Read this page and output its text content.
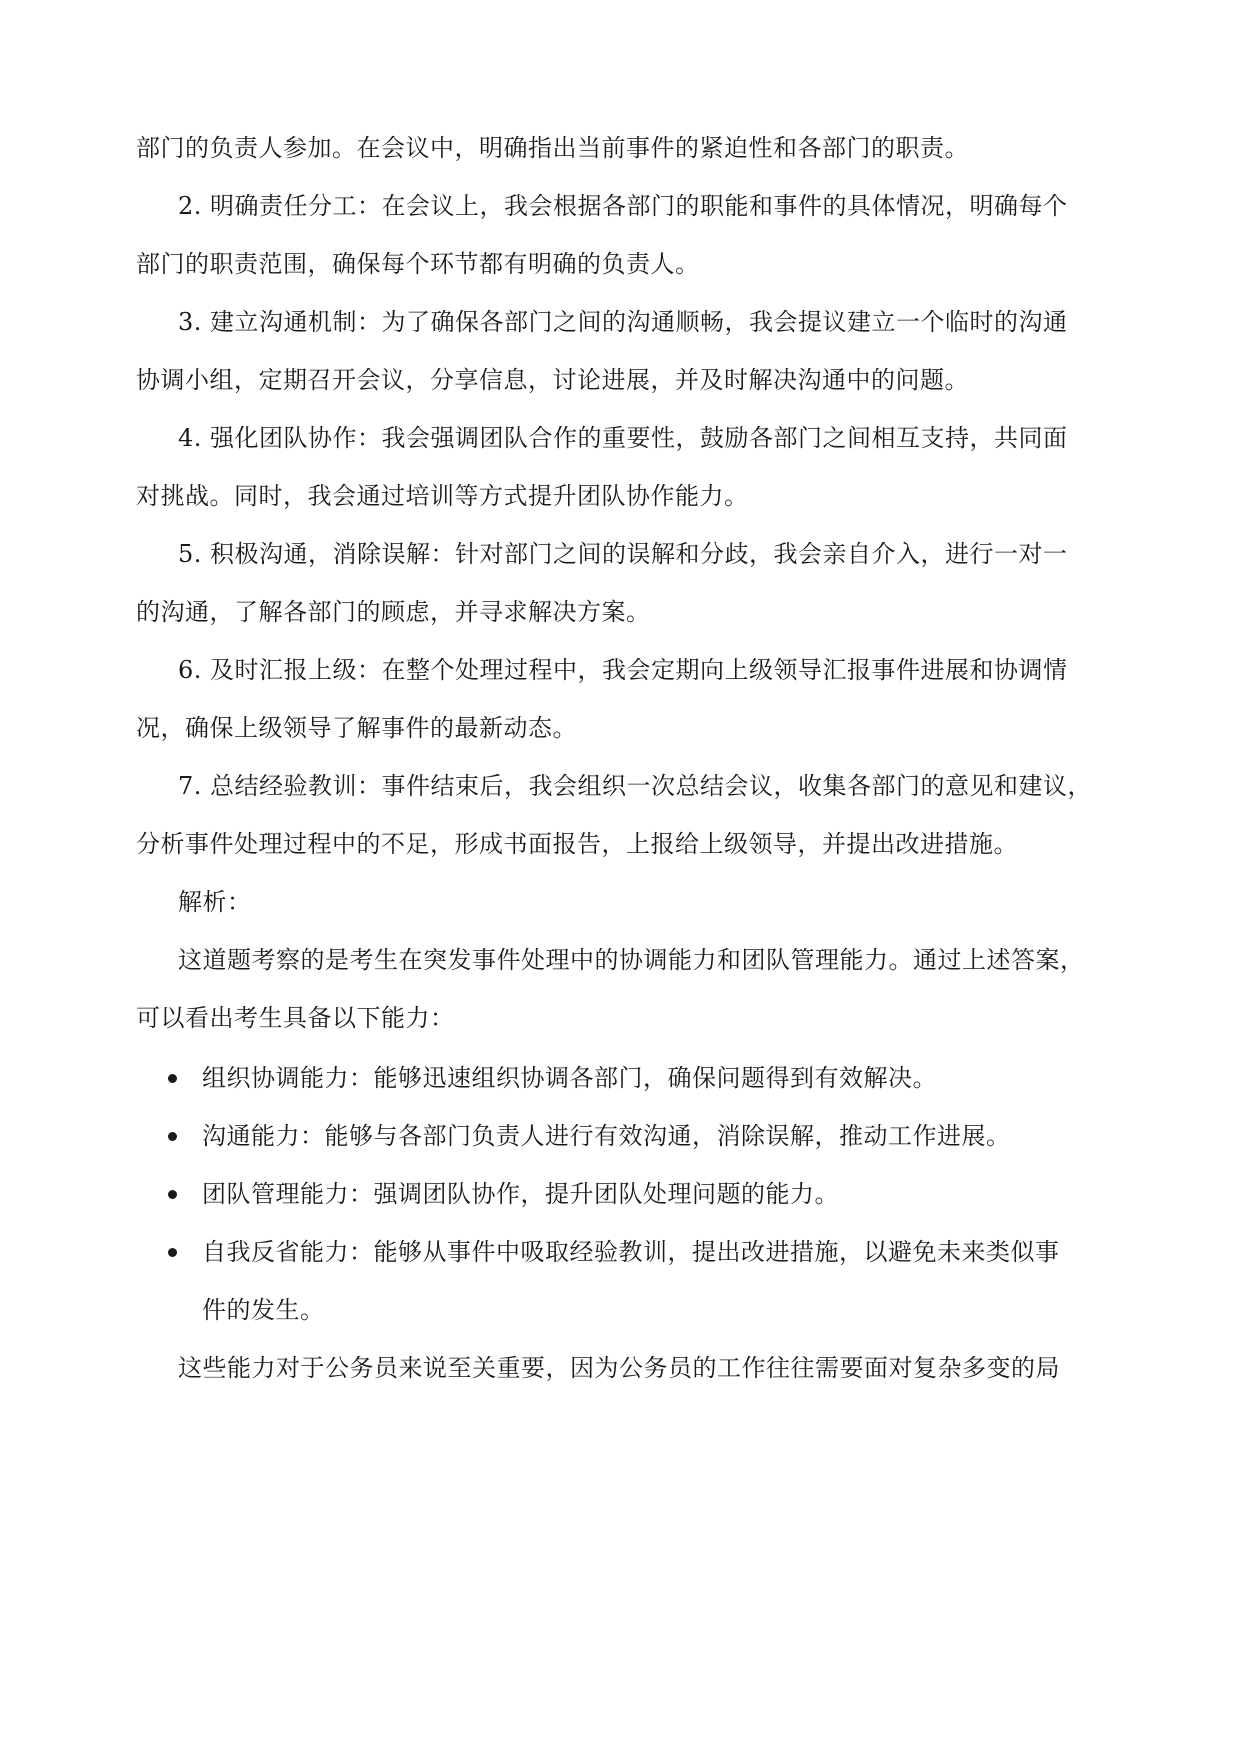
部门的负责人参加。在会议中，明确指出当前事件的紧迫性和各部门的职责。
2. 明确责任分工：在会议上，我会根据各部门的职能和事件的具体情况，明确每个
部门的职责范围，确保每个环节都有明确的负责人。
3. 建立沟通机制：为了确保各部门之间的沟通顺畅，我会提议建立一个临时的沟通
协调小组，定期召开会议，分享信息，讨论进展，并及时解决沟通中的问题。
4. 强化团队协作：我会强调团队合作的重要性，鼓励各部门之间相互支持，共同面
对挑战。同时，我会通过培训等方式提升团队协作能力。
5. 积极沟通，消除误解：针对部门之间的误解和分歧，我会亲自介入，进行一对一
的沟通，了解各部门的顾虑，并寻求解决方案。
6. 及时汇报上级：在整个处理过程中，我会定期向上级领导汇报事件进展和协调情
况，确保上级领导了解事件的最新动态。
7. 总结经验教训：事件结束后，我会组织一次总结会议，收集各部门的意见和建议，
分析事件处理过程中的不足，形成书面报告，上报给上级领导，并提出改进措施。
解析：
这道题考察的是考生在突发事件处理中的协调能力和团队管理能力。通过上述答案，
可以看出考生具备以下能力：
组织协调能力：能够迅速组织协调各部门，确保问题得到有效解决。
沟通能力：能够与各部门负责人进行有效沟通，消除误解，推动工作进展。
团队管理能力：强调团队协作，提升团队处理问题的能力。
自我反省能力：能够从事件中吸取经验教训，提出改进措施，以避免未来类似事
件的发生。
这些能力对于公务员来说至关重要，因为公务员的工作往往需要面对复杂多变的局
